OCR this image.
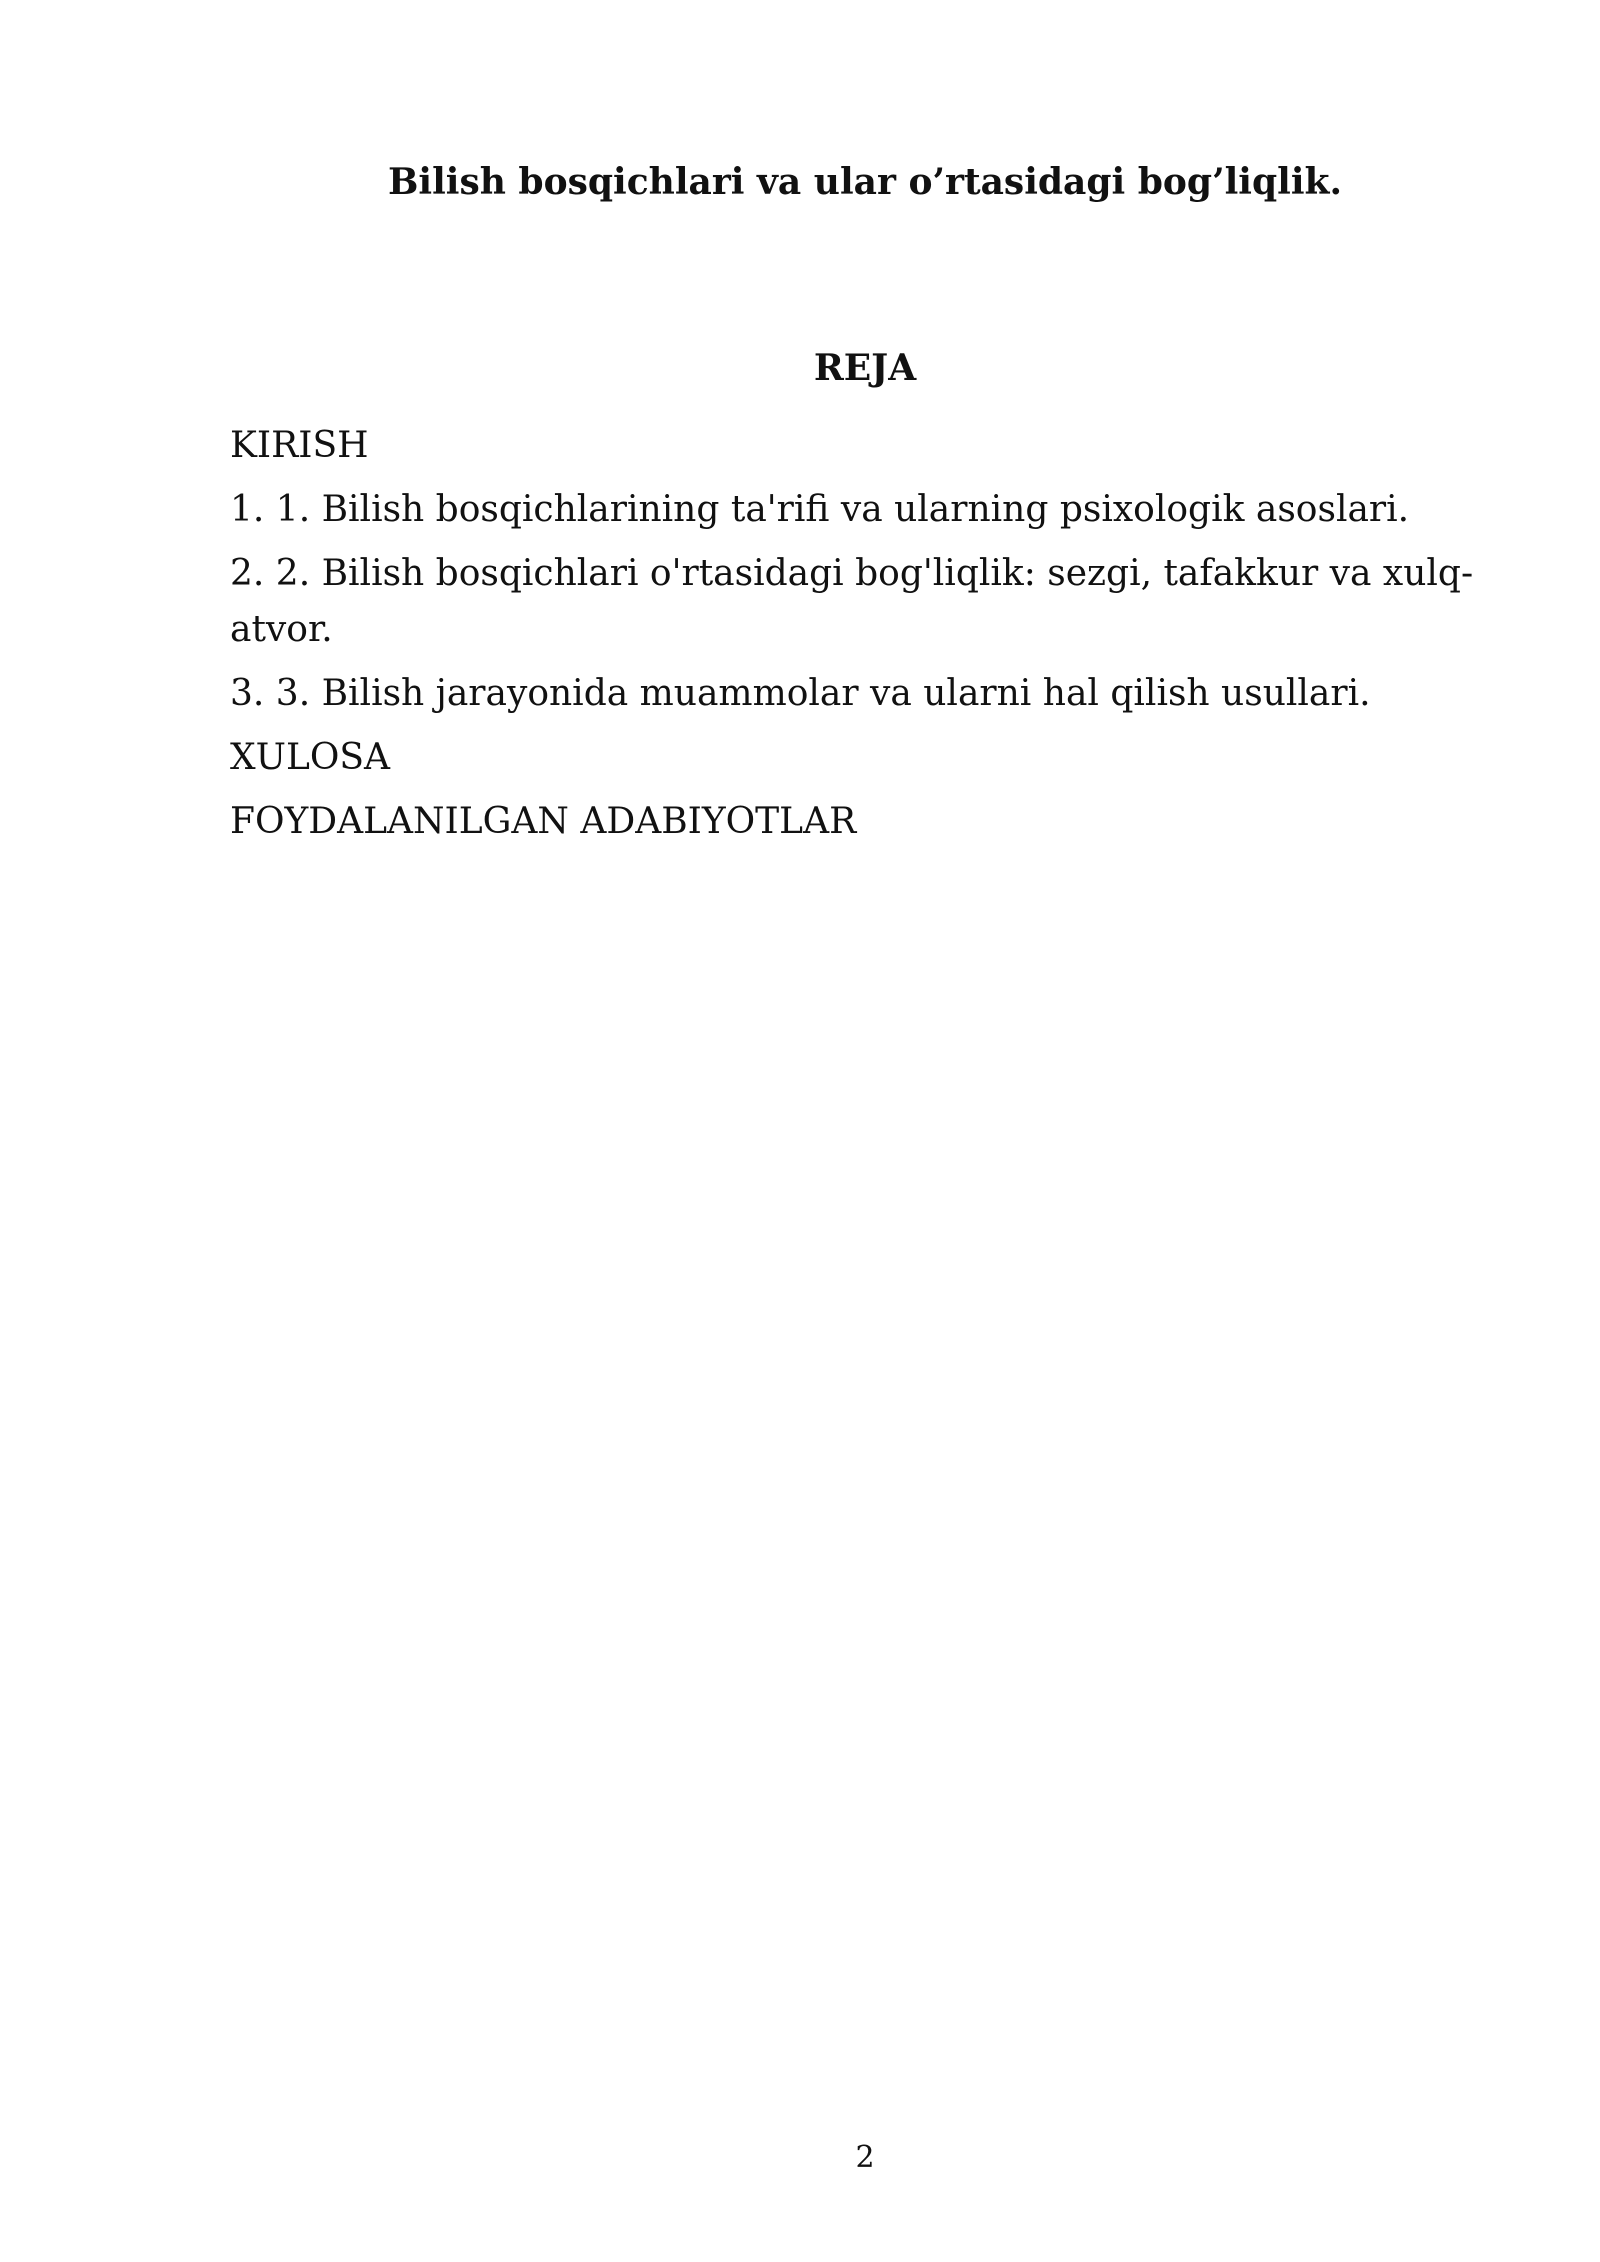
Bilish bosqichlari va ular o’rtasidagi bog’liqlik.
REJA
KIRISH
1. 1. Bilish bosqichlarining ta'rifi va ularning psixologik asoslari.
2. 2. Bilish bosqichlari o'rtasidagi bog'liqlik: sezgi, tafakkur va xulq-atvor.
3. 3. Bilish jarayonida muammolar va ularni hal qilish usullari.
XULOSA
FOYDALANILGAN ADABIYOTLAR
2
